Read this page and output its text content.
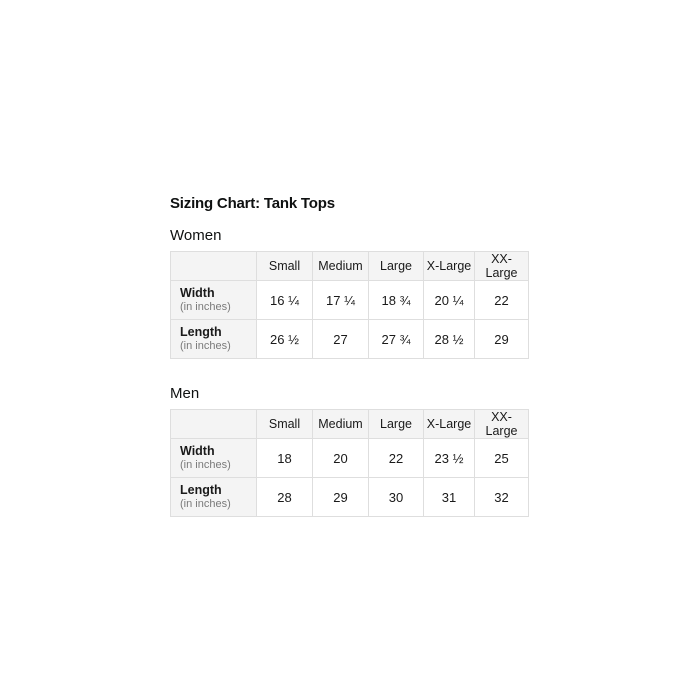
Sizing Chart: Tank Tops
Women
	Small	Medium	Large	X-Large	XX-Large

Width
(in inches)	16 ¼	17 ¼	18 ¾	20 ¼	22

Length
(in inches)	26 ½	27	27 ¾	28 ½	29
Men
	Small	Medium	Large	X-Large	XX-Large

Width
(in inches)	18	20	22	23 ½	25

Length
(in inches)	28	29	30	31	32
